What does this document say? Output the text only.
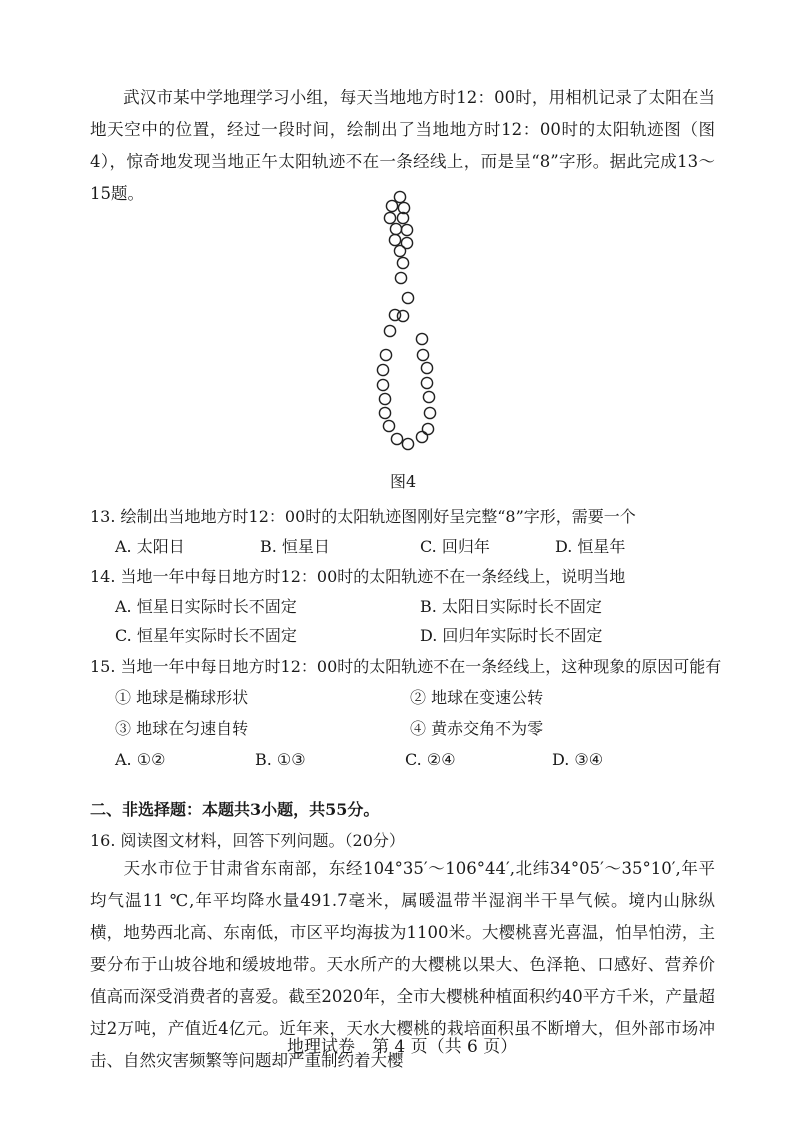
武汉市某中学地理学习小组，每天当地地方时12：00时，用相机记录了太阳在当地天空中的位置，经过一段时间，绘制出了当地地方时12：00时的太阳轨迹图（图4），惊奇地发现当地正午太阳轨迹不在一条经线上，而是呈“8”字形。据此完成13～15题。
图4
13. 绘制出当地地方时12：00时的太阳轨迹图刚好呈完整“8”字形，需要一个
A. 太阳日	B. 恒星日	C. 回归年	D. 恒星年
14. 当地一年中每日地方时12：00时的太阳轨迹不在一条经线上，说明当地
A. 恒星日实际时长不固定	B. 太阳日实际时长不固定
C. 恒星年实际时长不固定	D. 回归年实际时长不固定
15. 当地一年中每日地方时12：00时的太阳轨迹不在一条经线上，这种现象的原因可能有
① 地球是椭球形状	② 地球在变速公转
③ 地球在匀速自转	④ 黄赤交角不为零
A. ①②	B. ①③	C. ②④	D. ③④
二、非选择题：本题共3小题，共55分。
16. 阅读图文材料，回答下列问题。（20分）
天水市位于甘肃省东南部，东经104°35′～106°44′,北纬34°05′～35°10′,年平均气温11 ℃,年平均降水量491.7毫米，属暖温带半湿润半干旱气候。境内山脉纵横，地势西北高、东南低，市区平均海拔为1100米。大樱桃喜光喜温，怕旱怕涝，主要分布于山坡谷地和缓坡地带。天水所产的大樱桃以果大、色泽艳、口感好、营养价值高而深受消费者的喜爱。截至2020年，全市大樱桃种植面积约40平方千米，产量超过2万吨，产值近4亿元。近年来，天水大樱桃的栽培面积虽不断增大，但外部市场冲击、自然灾害频繁等问题却严重制约着大樱
地理试卷　第 4 页（共 6 页）
